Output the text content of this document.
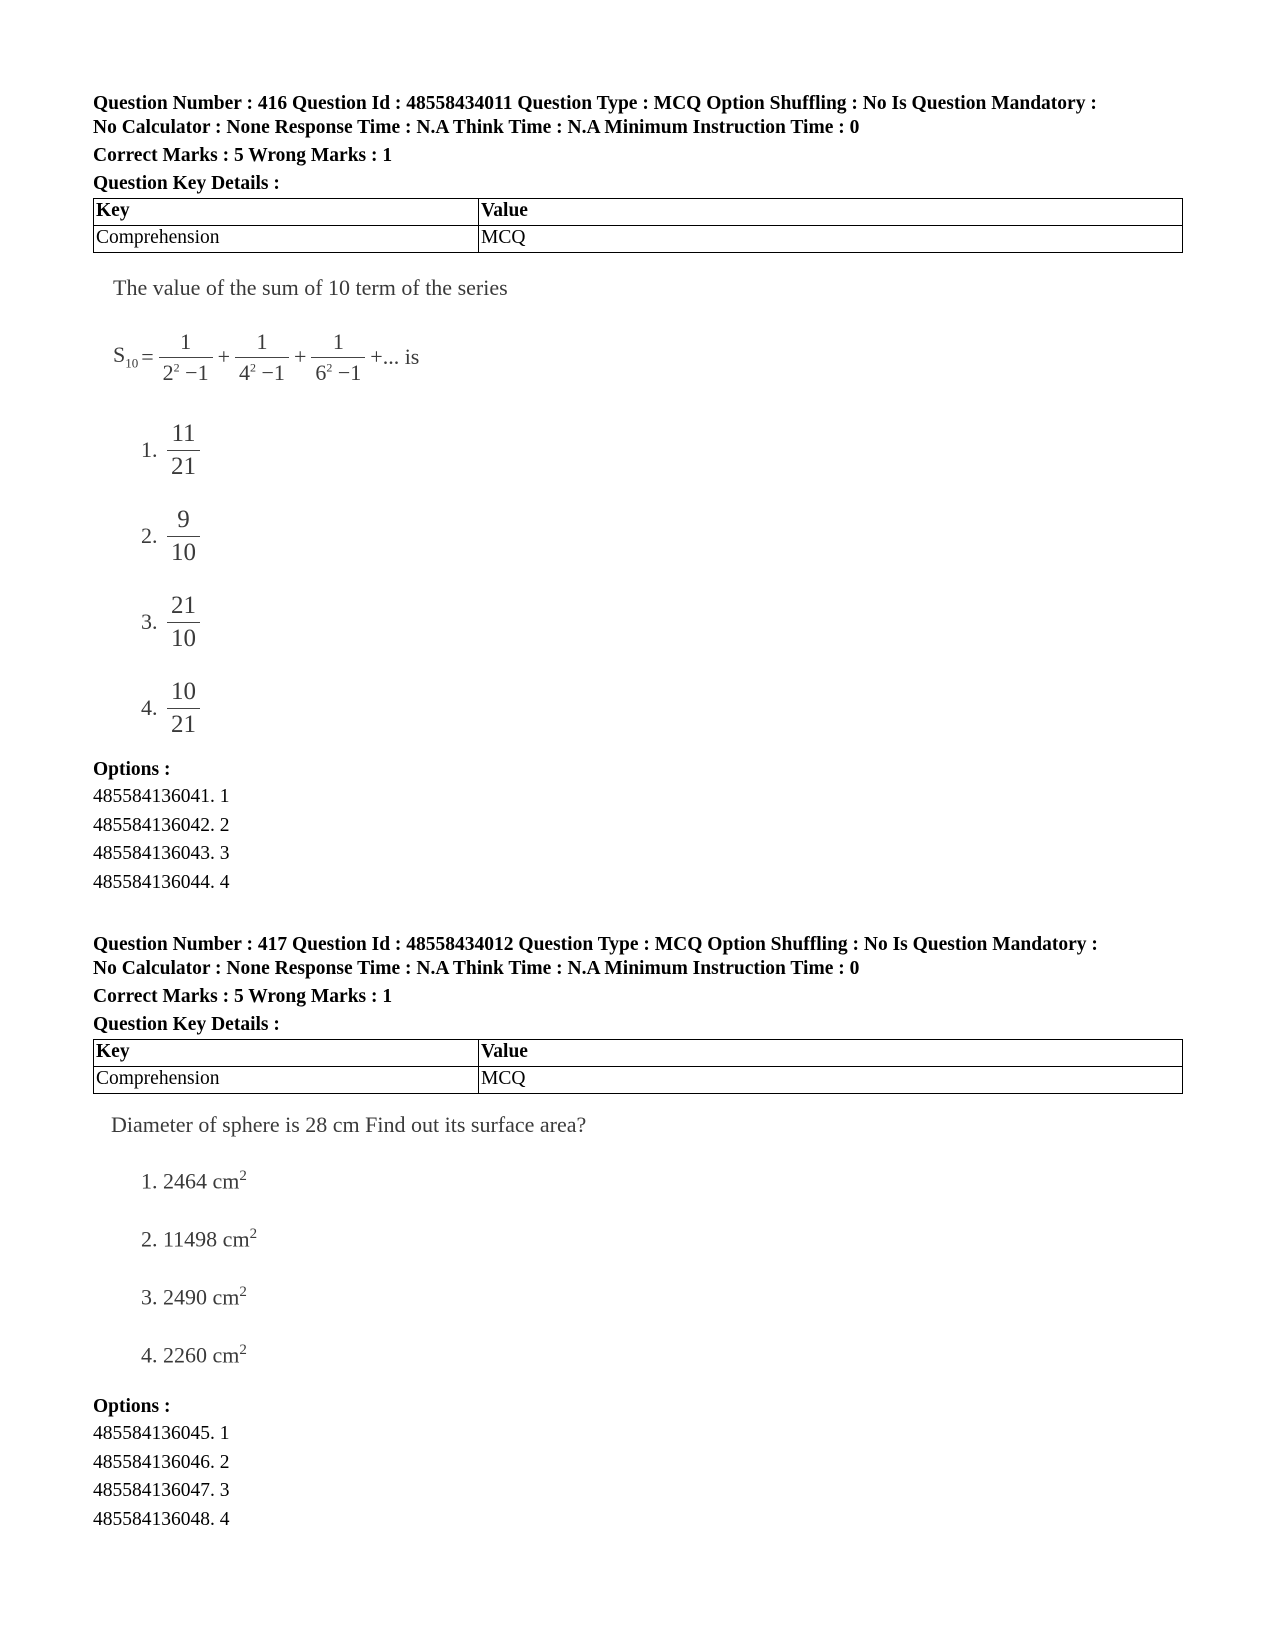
Question Number : 416 Question Id : 48558434011 Question Type : MCQ Option Shuffling : No Is Question Mandatory :
No Calculator : None Response Time : N.A Think Time : N.A Minimum Instruction Time : 0
Correct Marks : 5 Wrong Marks : 1
Question Key Details :
Key	Value
Comprehension	MCQ
The value of the sum of 10 term of the series
$S_{10} = \frac{1}{2^2 -1} + \frac{1}{4^2 -1} + \frac{1}{6^2 -1}$ +... is
1. $\frac{11}{21}$
2. $\frac{9}{10}$
3. $\frac{21}{10}$
4. $\frac{10}{21}$
Options :
485584136041. 1
485584136042. 2
485584136043. 3
485584136044. 4
Question Number : 417 Question Id : 48558434012 Question Type : MCQ Option Shuffling : No Is Question Mandatory :
No Calculator : None Response Time : N.A Think Time : N.A Minimum Instruction Time : 0
Correct Marks : 5 Wrong Marks : 1
Question Key Details :
Key	Value
Comprehension	MCQ
Diameter of sphere is 28 cm Find out its surface area?
1. 2464 $cm^2$
2. 11498 $cm^2$
3. 2490 $cm^2$
4. 2260 $cm^2$
Options :
485584136045. 1
485584136046. 2
485584136047. 3
485584136048. 4
